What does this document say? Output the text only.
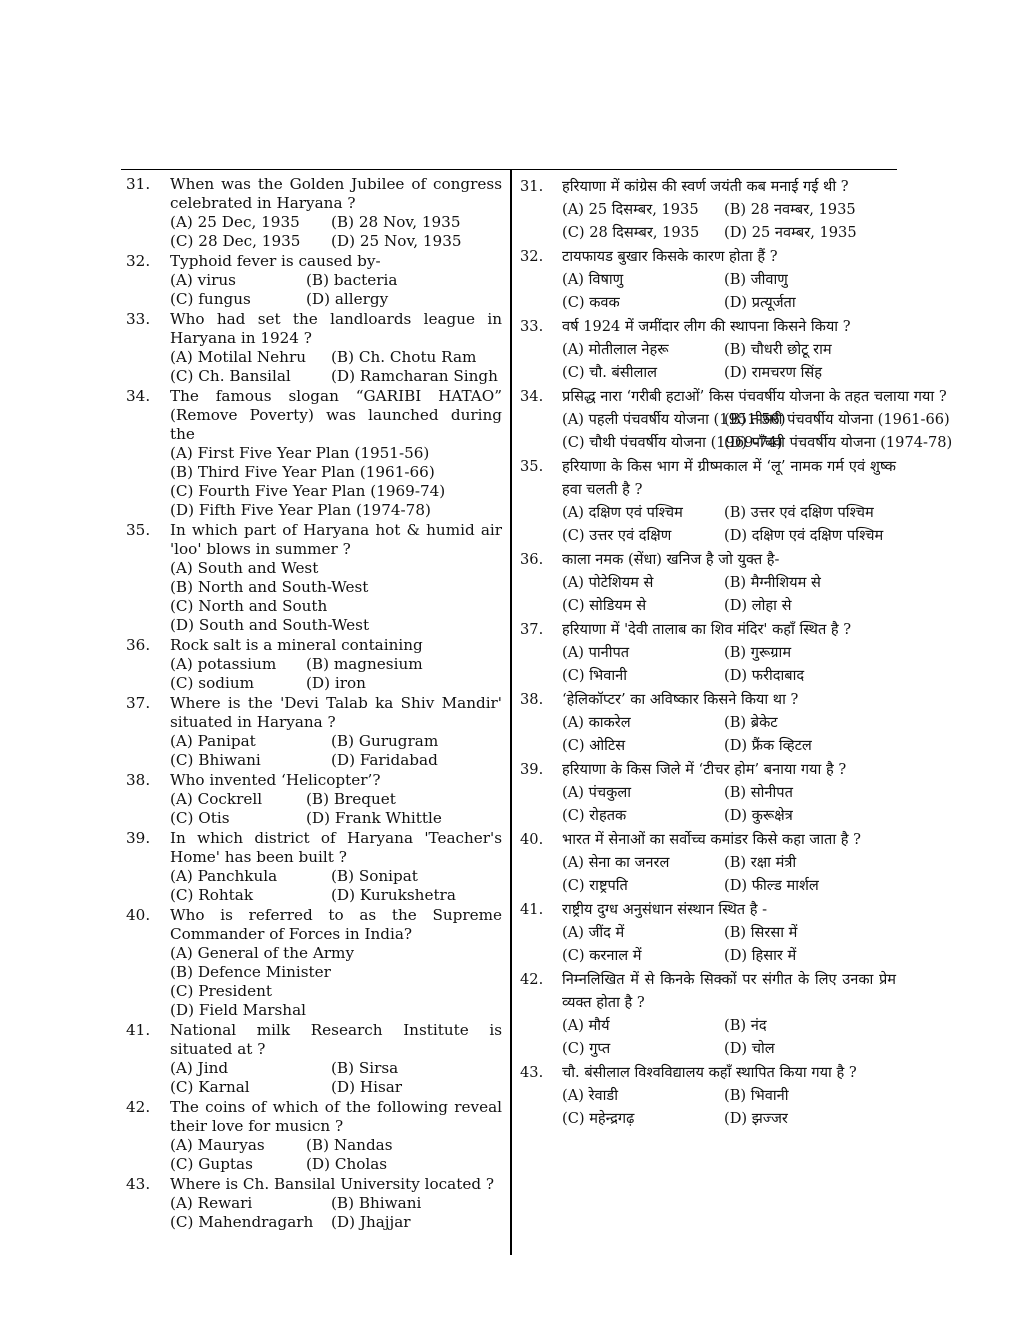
31.	When was the Golden Jubilee of congress celebrated in Haryana ?
(A) 25 Dec, 1935	(B) 28 Nov, 1935
(C) 28 Dec, 1935	(D) 25 Nov, 1935
32.	Typhoid fever is caused by-
(A) virus	(B) bacteria
(C) fungus	(D) allergy
33.	Who had set the landloards league in Haryana in 1924 ?
(A) Motilal Nehru	(B) Ch. Chotu Ram
(C) Ch. Bansilal	(D) Ramcharan Singh
34.	The famous slogan “GARIBI HATAO” (Remove Poverty) was launched during the
(A) First Five Year Plan (1951-56)
(B) Third Five Year Plan (1961-66)
(C) Fourth Five Year Plan (1969-74)
(D) Fifth Five Year Plan (1974-78)
35.	In which part of Haryana hot & humid air 'loo' blows in summer ?
(A) South and West
(B) North and South-West
(C) North and South
(D) South and South-West
36.	Rock salt is a mineral containing
(A) potassium	(B) magnesium
(C) sodium	(D) iron
37.	Where is the 'Devi Talab ka Shiv Mandir' situated in Haryana ?
(A) Panipat	(B) Gurugram
(C) Bhiwani	(D) Faridabad
38.	Who invented ‘Helicopter’?
(A) Cockrell	(B) Brequet
(C) Otis	(D) Frank Whittle
39.	In which district of Haryana 'Teacher's Home' has been built ?
(A) Panchkula	(B) Sonipat
(C) Rohtak	(D) Kurukshetra
40.	Who is referred to as the Supreme Commander of Forces in India?
(A) General of the Army
(B) Defence Minister
(C) President
(D) Field Marshal
41.	National milk Research Institute is situated at ?
(A) Jind	(B) Sirsa
(C) Karnal	(D) Hisar
42.	The coins of which of the following reveal their love for musicn ?
(A) Mauryas	(B) Nandas
(C) Guptas	(D) Cholas
43.	Where is Ch. Bansilal University located ?
(A) Rewari	(B) Bhiwani
(C) Mahendragarh	(D) Jhajjar
31.	हरियाणा में कांग्रेस की स्वर्ण जयंती कब मनाई गई थी ?
(A) 25 दिसम्बर, 1935	(B) 28 नवम्बर, 1935
(C) 28 दिसम्बर, 1935	(D) 25 नवम्बर, 1935
32.	टायफायड बुखार किसके कारण होता हैं ?
(A) विषाणु	(B) जीवाणु
(C) कवक	(D) प्रत्यूर्जता
33.	वर्ष 1924 में जमींदार लीग की स्थापना किसने किया ?
(A) मोतीलाल नेहरू	(B) चौधरी छोटू राम
(C) चौ. बंसीलाल	(D) रामचरण सिंह
34.	प्रसिद्ध नारा ‘गरीबी हटाओं’ किस पंचवर्षीय योजना के तहत चलाया गया ?
(A) पहली पंचवर्षीय योजना (1951-56)
(B) तीसरी पंचवर्षीय योजना (1961-66)
(C) चौथी पंचवर्षीय योजना (1969-74)
(D) पाँचवी पंचवर्षीय योजना (1974-78)
35.	हरियाणा के किस भाग में ग्रीष्मकाल में ‘लू’ नामक गर्म एवं शुष्क हवा चलती है ?
(A) दक्षिण एवं पश्चिम	(B) उत्तर एवं दक्षिण पश्चिम
(C) उत्तर एवं दक्षिण	(D) दक्षिण एवं दक्षिण पश्चिम
36.	काला नमक (सेंधा) खनिज है जो युक्त है-
(A) पोटेशियम से	(B) मैग्नीशियम से
(C) सोडियम से	(D) लोहा से
37.	हरियाणा में 'देवी तालाब का शिव मंदिर' कहाँ स्थित है ?
(A) पानीपत	(B) गुरूग्राम
(C) भिवानी	(D) फरीदाबाद
38.	‘हेलिकॉप्टर’ का अविष्कार किसने किया था ?
(A) काकरेल	(B) ब्रेकेट
(C) ओटिस	(D) फ्रैंक व्हिटल
39.	हरियाणा के किस जिले में ‘टीचर होम’ बनाया गया है ?
(A) पंचकुला	(B) सोनीपत
(C) रोहतक	(D) कुरूक्षेत्र
40.	भारत में सेनाओं का सर्वोच्च कमांडर किसे कहा जाता है ?
(A) सेना का जनरल	(B) रक्षा मंत्री
(C) राष्ट्रपति	(D) फील्ड मार्शल
41.	राष्ट्रीय दुग्ध अनुसंधान संस्थान स्थित है -
(A) जींद में	(B) सिरसा में
(C) करनाल में	(D) हिसार में
42.	निम्नलिखित में से किनके सिक्कों पर संगीत के लिए उनका प्रेम व्यक्त होता है ?
(A) मौर्य	(B) नंद
(C) गुप्त	(D) चोल
43.	चौ. बंसीलाल विश्वविद्यालय कहाँ स्थापित किया गया है ?
(A) रेवाडी	(B) भिवानी
(C) महेन्द्रगढ़	(D) झज्जर
